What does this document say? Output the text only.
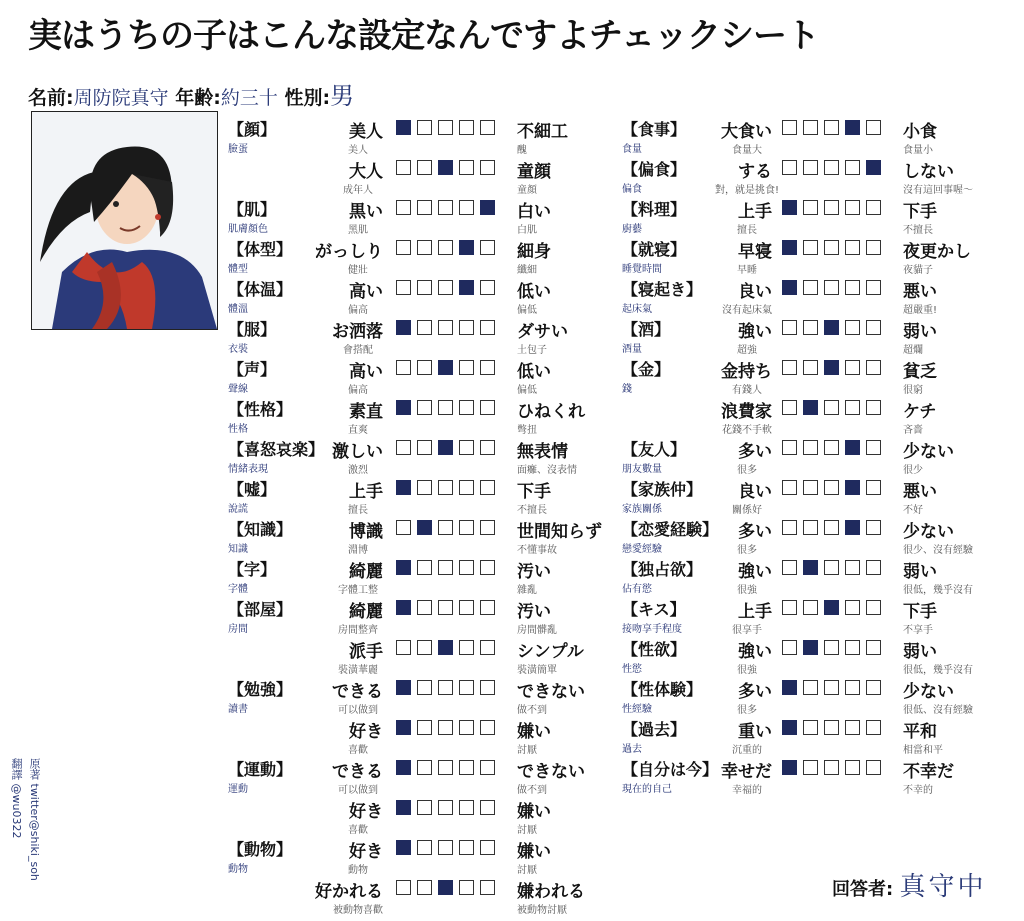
実はうちの子はこんな設定なんですよチェックシート
名前:周防院真守 年齢:約三十 性別:男
【顔】
臉蛋
美人
美人
不細工
醜
大人
成年人
童顔
童顏
【肌】
肌膚顏色
黒い
黑肌
白い
白肌
【体型】
體型
がっしり
健壯
細身
纖細
【体温】
體溫
高い
偏高
低い
偏低
【服】
衣裝
お洒落
會搭配
ダサい
土包子
【声】
聲線
高い
偏高
低い
偏低
【性格】
性格
素直
直爽
ひねくれ
彆扭
【喜怒哀楽】
情緒表現
激しい
激烈
無表情
面癱、沒表情
【嘘】
說謊
上手
擅長
下手
不擅長
【知識】
知識
博識
淵博
世間知らず
不懂事故
【字】
字體
綺麗
字體工整
汚い
雜亂
【部屋】
房間
綺麗
房間整齊
汚い
房間髒亂
派手
裝潢華麗
シンプル
裝潢簡單
【勉強】
讀書
できる
可以做到
できない
做不到
好き
喜歡
嫌い
討厭
【運動】
運動
できる
可以做到
できない
做不到
好き
喜歡
嫌い
討厭
【動物】
動物
好き
動物
嫌い
討厭
好かれる
被動物喜歡
嫌われる
被動物討厭
【食事】
食量
大食い
食量大
小食
食量小
【偏食】
偏食
する
對，就是挑食!
しない
沒有這回事喔～
【料理】
廚藝
上手
擅長
下手
不擅長
【就寝】
睡覺時間
早寝
早睡
夜更かし
夜貓子
【寝起き】
起床氣
良い
沒有起床氣
悪い
超嚴重!
【酒】
酒量
強い
超強
弱い
超爛
【金】
錢
金持ち
有錢人
貧乏
很窮
浪費家
花錢不手軟
ケチ
吝嗇
【友人】
朋友數量
多い
很多
少ない
很少
【家族仲】
家族關係
良い
關係好
悪い
不好
【恋愛経験】
戀愛經驗
多い
很多
少ない
很少、沒有經驗
【独占欲】
佔有慾
強い
很強
弱い
很低，幾乎沒有
【キス】
接吻享手程度
上手
很享手
下手
不享手
【性欲】
性慾
強い
很強
弱い
很低，幾乎沒有
【性体験】
性經驗
多い
很多
少ない
很低、沒有經驗
【過去】
過去
重い
沉重的
平和
相當和平
【自分は今】
現在的自己
幸せだ
幸福的
不幸だ
不幸的
原著 twitter@shiki_soh
翻譯 @wu0322
回答者: 真守中
